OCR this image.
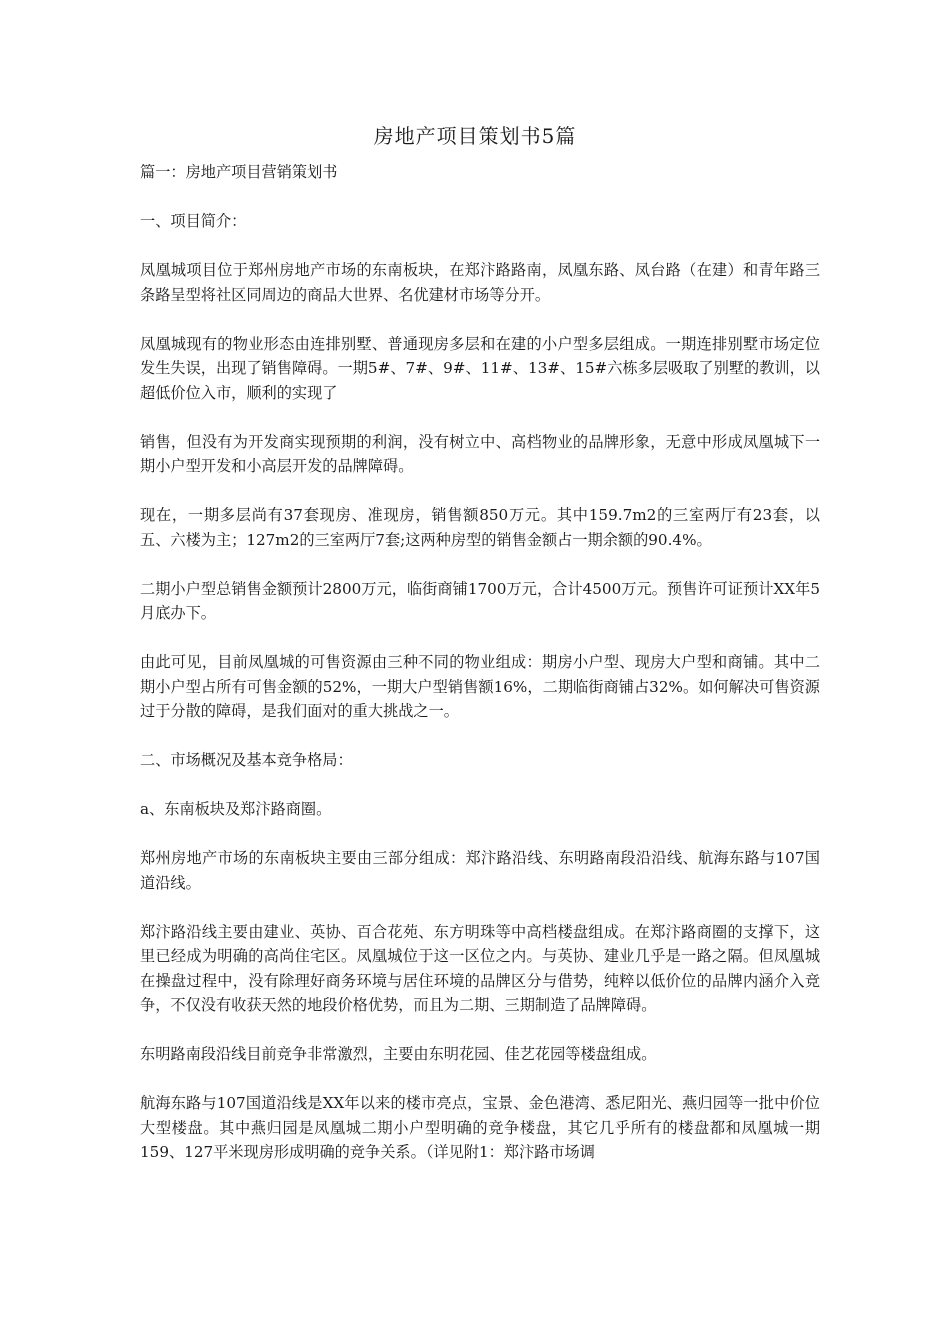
房地产项目策划书5篇

篇一：房地产项目营销策划书

一、项目简介：

凤凰城项目位于郑州房地产市场的东南板块，在郑汴路路南，凤凰东路、凤台路（在建）和青年路三条路呈型将社区同周边的商品大世界、名优建材市场等分开。

凤凰城现有的物业形态由连排别墅、普通现房多层和在建的小户型多层组成。一期连排别墅市场定位发生失误，出现了销售障碍。一期5#、7#、9#、11#、13#、15#六栋多层吸取了别墅的教训，以超低价位入市，顺利的实现了

销售，但没有为开发商实现预期的利润，没有树立中、高档物业的品牌形象，无意中形成凤凰城下一期小户型开发和小高层开发的品牌障碍。

现在，一期多层尚有37套现房、准现房，销售额850万元。其中159.7m2的三室两厅有23套，以五、六楼为主；127m2的三室两厅7套;这两种房型的销售金额占一期余额的90.4%。

二期小户型总销售金额预计2800万元，临街商铺1700万元，合计4500万元。预售许可证预计XX年5月底办下。

由此可见，目前凤凰城的可售资源由三种不同的物业组成：期房小户型、现房大户型和商铺。其中二期小户型占所有可售金额的52%，一期大户型销售额16%，二期临街商铺占32%。如何解决可售资源过于分散的障碍，是我们面对的重大挑战之一。

二、市场概况及基本竞争格局：

a、东南板块及郑汴路商圈。

郑州房地产市场的东南板块主要由三部分组成：郑汴路沿线、东明路南段沿沿线、航海东路与107国道沿线。

郑汴路沿线主要由建业、英协、百合花苑、东方明珠等中高档楼盘组成。在郑汴路商圈的支撑下，这里已经成为明确的高尚住宅区。凤凰城位于这一区位之内。与英协、建业几乎是一路之隔。但凤凰城在操盘过程中，没有除理好商务环境与居住环境的品牌区分与借势，纯粹以低价位的品牌内涵介入竞争，不仅没有收获天然的地段价格优势，而且为二期、三期制造了品牌障碍。

东明路南段沿线目前竞争非常激烈，主要由东明花园、佳艺花园等楼盘组成。

航海东路与107国道沿线是XX年以来的楼市亮点，宝景、金色港湾、悉尼阳光、燕归园等一批中价位大型楼盘。其中燕归园是凤凰城二期小户型明确的竞争楼盘，其它几乎所有的楼盘都和凤凰城一期159、127平米现房形成明确的竞争关系。（详见附1：郑汴路市场调
